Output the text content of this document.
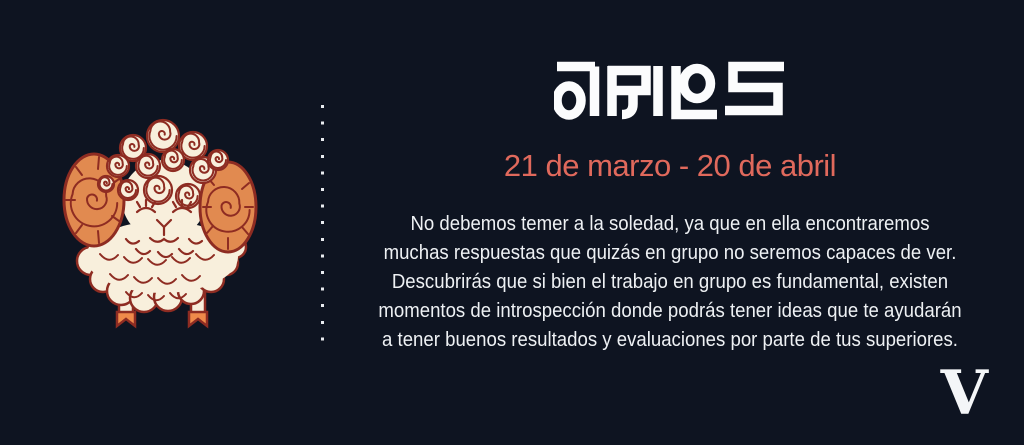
21 de marzo - 20 de abril
No debemos temer a la soledad, ya que en ella encontraremos
muchas respuestas que quizás en grupo no seremos capaces de ver.
Descubrirás que si bien el trabajo en grupo es fundamental, existen
momentos de introspección donde podrás tener ideas que te ayudarán
a tener buenos resultados y evaluaciones por parte de tus superiores.
V
